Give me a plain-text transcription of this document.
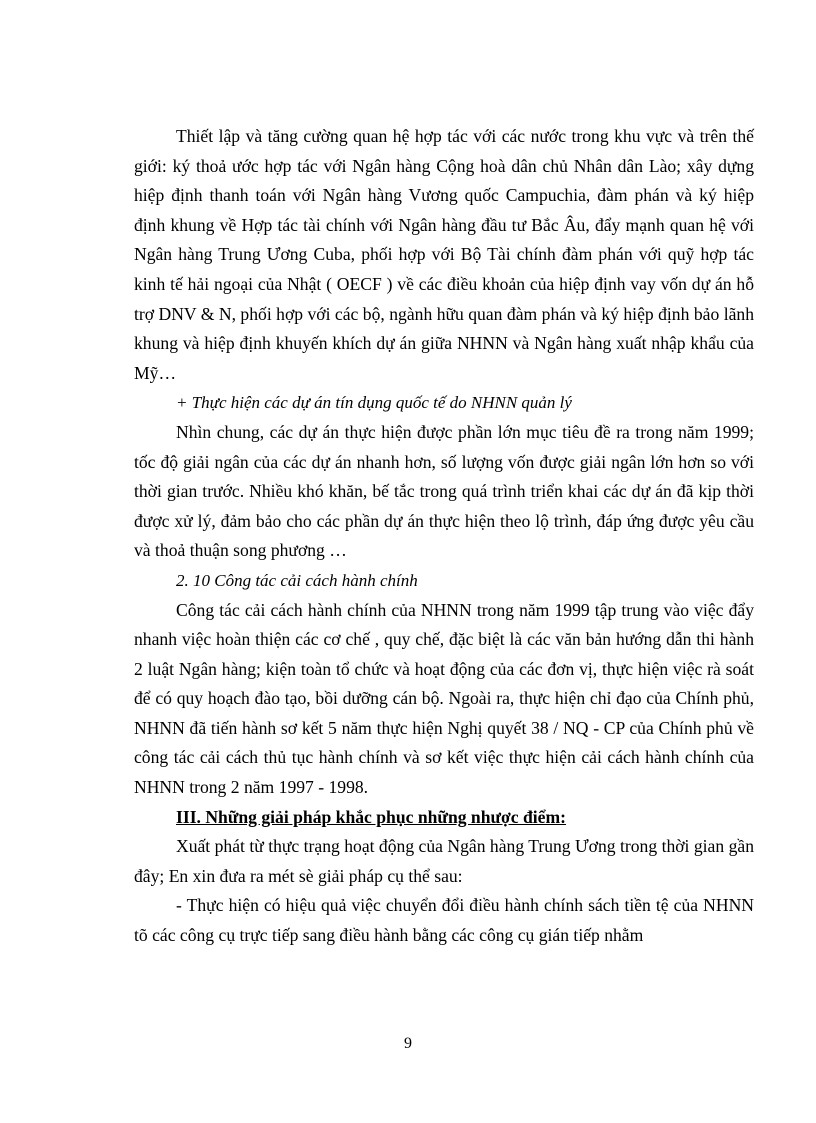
Thiết lập và tăng cường quan hệ hợp tác với các nước trong khu vực và trên thế giới: ký thoả ước hợp tác với Ngân hàng Cộng hoà dân chủ Nhân dân Lào; xây dựng hiệp định thanh toán với Ngân hàng Vương quốc Campuchia, đàm phán và ký hiệp định khung về Hợp tác tài chính với Ngân hàng đầu tư Bắc Âu, đẩy mạnh quan hệ với Ngân hàng Trung Ương Cuba, phối hợp với Bộ Tài chính đàm phán với quỹ hợp tác kinh tế hải ngoại của Nhật ( OECF ) về các điều khoản của hiệp định vay vốn dự án hỗ trợ DNV & N, phối hợp với các bộ, ngành hữu quan đàm phán và ký hiệp định bảo lãnh khung và hiệp định khuyến khích dự án giữa NHNN và Ngân hàng xuất nhập khẩu của Mỹ…

+ Thực hiện các dự án tín dụng quốc tế do NHNN quản lý

Nhìn chung, các dự án thực hiện được phần lớn mục tiêu đề ra trong năm 1999; tốc độ giải ngân của các dự án nhanh hơn, số lượng vốn được giải ngân lớn hơn so với thời gian trước. Nhiều khó khăn, bế tắc trong quá trình triển khai các dự án đã kịp thời được xử lý, đảm bảo cho các phần dự án thực hiện theo lộ trình, đáp ứng được yêu cầu và thoả thuận song phương …

2. 10 Công tác cải cách hành chính

Công tác cải cách hành chính của NHNN trong năm 1999 tập trung vào việc đẩy nhanh việc hoàn thiện các cơ chế , quy chế, đặc biệt là các văn bản hướng dẫn thi hành 2 luật Ngân hàng; kiện toàn tổ chức và hoạt động của các đơn vị, thực hiện việc rà soát để có quy hoạch đào tạo, bồi dưỡng cán bộ. Ngoài ra, thực hiện chỉ đạo của Chính phủ, NHNN đã tiến hành sơ kết 5 năm thực hiện Nghị quyết 38 / NQ - CP của Chính phủ về công tác cải cách thủ tục hành chính và sơ kết việc thực hiện cải cách hành chính của NHNN trong 2 năm 1997 - 1998.

III. Những giải pháp khắc phục những nhược điểm:

Xuất phát từ thực trạng hoạt động của Ngân hàng Trung Ương trong thời gian gần đây; En xin đưa ra mét sè giải pháp cụ thể sau:

- Thực hiện có hiệu quả việc chuyển đổi điều hành chính sách tiền tệ của NHNN tõ các công cụ trực tiếp sang điều hành bằng các công cụ gián tiếp nhằm

9
